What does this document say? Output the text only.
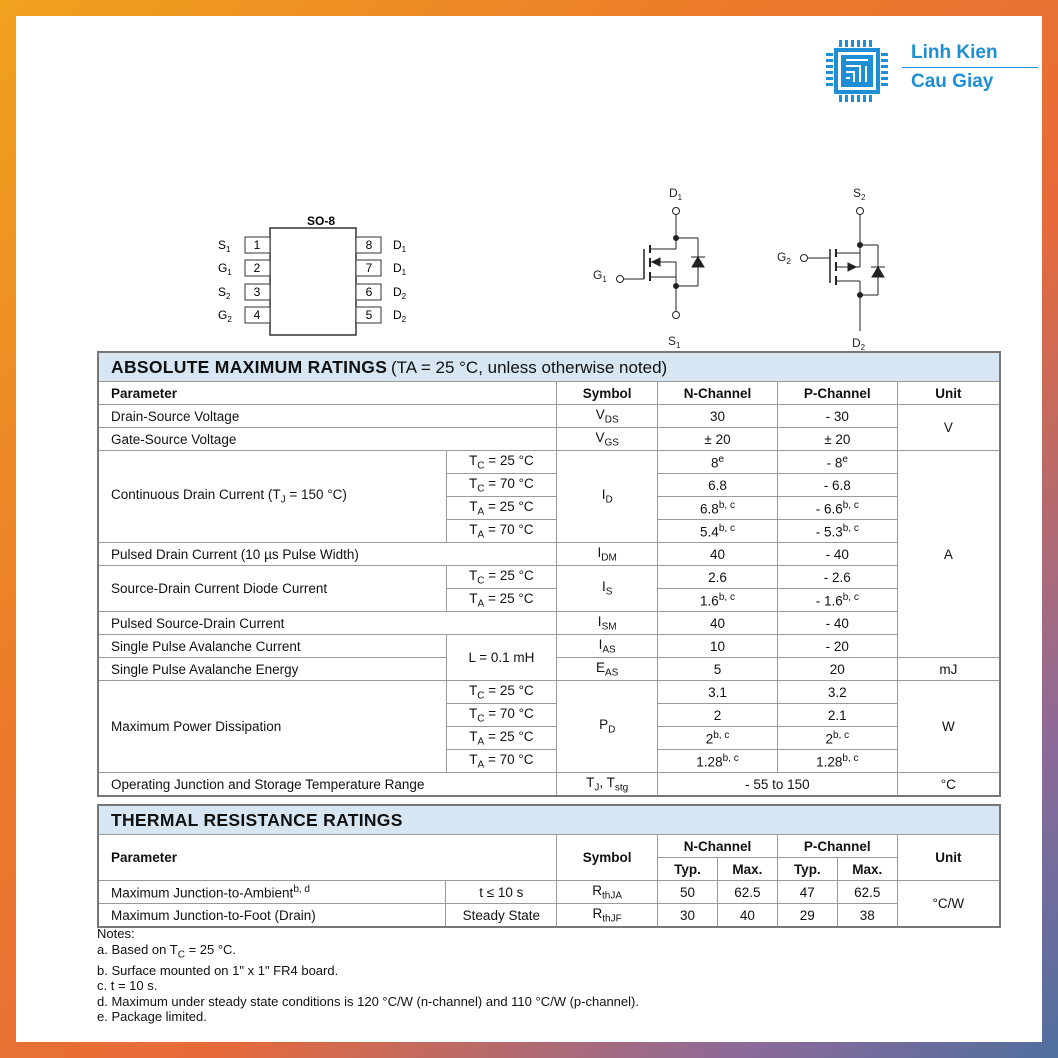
Linh Kien
Cau Giay
SO-8
1
2
3
4
8
7
6
5
$S_1$
$G_1$
$S_2$
$G_2$
$D_1$
$D_1$
$D_2$
$D_2$
$D_1$
$S_1$
$G_1$
$S_2$
$D_2$
$G_2$
ABSOLUTE MAXIMUM RATINGS (TA = 25 °C, unless otherwise noted)					
Parameter		Symbol	N-Channel	P-Channel	Unit
Drain-Source Voltage		$V_{DS}$	30	- 30	V
Gate-Source Voltage		$V_{GS}$	± 20	± 20	
Continuous Drain Current ($T_J = 150$ °C)	$T_C = 25$ °C	$I_D$	8e	- 8e	A
	$T_C = 70$ °C		6.8	- 6.8	
	$T_A = 25$ °C		6.8$^{b, c}$	- 6.6$^{b, c}$
	$T_A = 70$ °C		5.4$^{b, c}$	- 5.3$^{b, c}$
Pulsed Drain Current (10 µs Pulse Width)		$I_{DM}$	40	- 40	
Source-Drain Current Diode Current	$T_C = 25$ °C	$I_S$	2.6	- 2.6	
	$T_A = 25$ °C		1.6$^{b, c}$	- 1.6$^{b, c}$
Pulsed Source-Drain Current		$I_{SM}$	40	- 40	
Single Pulse Avalanche Current	L = 0.1 mH	$I_{AS}$	10	- 20	
Single Pulse Avalanche Energy		$E_{AS}$	5	20	mJ
Maximum Power Dissipation	$T_C = 25$ °C	$P_D$	3.1	3.2	W
	$T_C = 70$ °C		2	2.1	
	$T_A = 25$ °C		2$^{b, c}$	2$^{b, c}$
	$T_A = 70$ °C		1.28$^{b, c}$	1.28$^{b, c}$
Operating Junction and Storage Temperature Range		$T_J$, $T_{stg}$	- 55 to 150		°C
THERMAL RESISTANCE RATINGS							
Parameter		Symbol	N-Channel		P-Channel		Unit
			Typ.	Max.	Typ.	Max.	
Maximum Junction-to-Ambient$^{b, d}$	t ≤ 10 s	$R_{thJA}$	50	62.5	47	62.5	°C/W
Maximum Junction-to-Foot (Drain)	Steady State	$R_{thJF}$	30	40	29	38	
Notes:
a. Based on $T_C = 25$ °C.
b. Surface mounted on 1" x 1" FR4 board.
c. t = 10 s.
d. Maximum under steady state conditions is 120 °C/W (n-channel) and 110 °C/W (p-channel).
e. Package limited.
